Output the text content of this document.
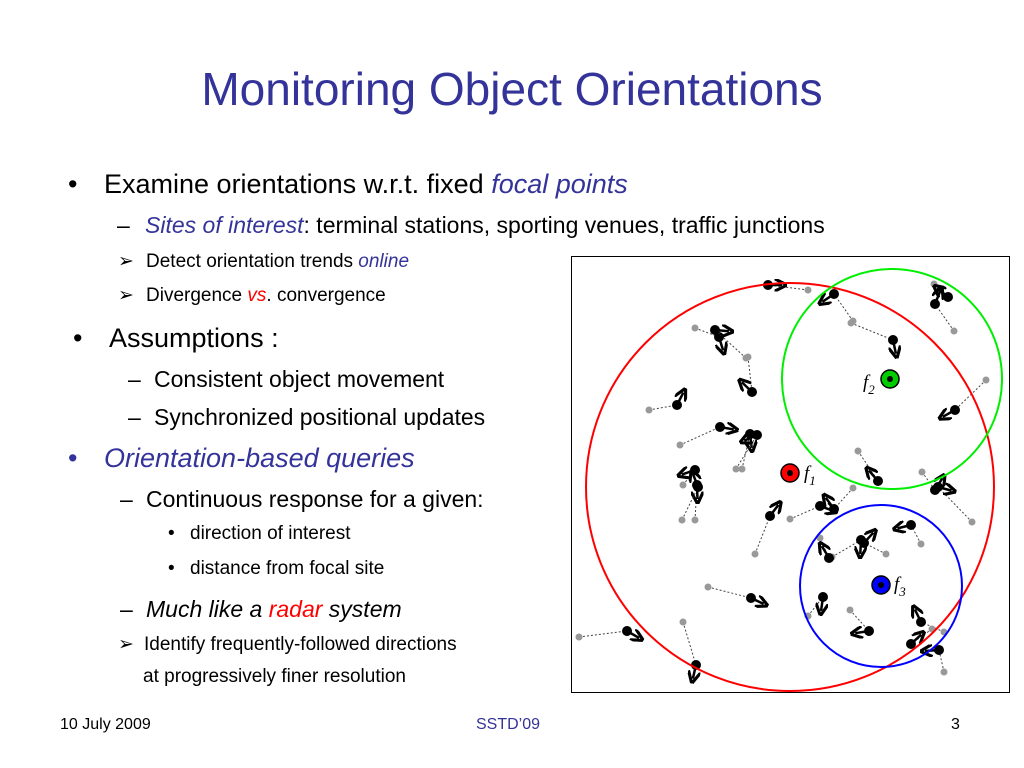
Monitoring Object Orientations
• Examine orientations w.r.t. fixed focal points
– Sites of interest: terminal stations, sporting venues, traffic junctions
➢ Detect orientation trends online
➢ Divergence vs. convergence
• Assumptions :
– Consistent object movement
– Synchronized positional updates
• Orientation-based queries
– Continuous response for a given:
• direction of interest
• distance from focal site
– Much like a radar system
➢ Identify frequently-followed directions
at progressively finer resolution
$f_1$
$f_2$
$f_3$
10 July 2009	SSTD’09	3
